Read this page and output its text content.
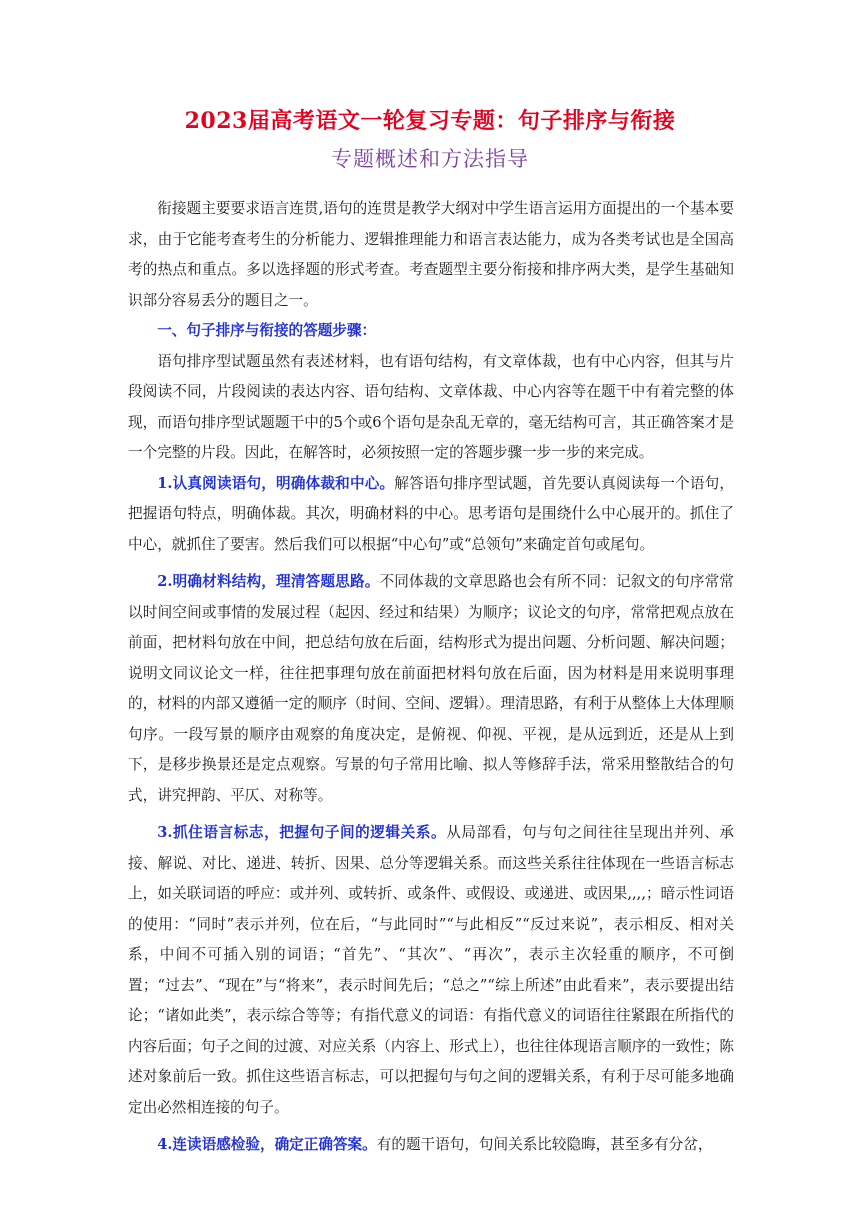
2023届高考语文一轮复习专题：句子排序与衔接
专题概述和方法指导

衔接题主要要求语言连贯,语句的连贯是教学大纲对中学生语言运用方面提出的一个基本要求，由于它能考查考生的分析能力、逻辑推理能力和语言表达能力，成为各类考试也是全国高考的热点和重点。多以选择题的形式考查。考查题型主要分衔接和排序两大类，是学生基础知识部分容易丢分的题目之一。

一、句子排序与衔接的答题步骤：

语句排序型试题虽然有表述材料，也有语句结构，有文章体裁，也有中心内容，但其与片段阅读不同，片段阅读的表达内容、语句结构、文章体裁、中心内容等在题干中有着完整的体现，而语句排序型试题题干中的5个或6个语句是杂乱无章的，毫无结构可言，其正确答案才是一个完整的片段。因此，在解答时，必须按照一定的答题步骤一步一步的来完成。

1.认真阅读语句，明确体裁和中心。解答语句排序型试题，首先要认真阅读每一个语句，把握语句特点，明确体裁。其次，明确材料的中心。思考语句是围绕什么中心展开的。抓住了中心，就抓住了要害。然后我们可以根据“中心句”或“总领句”来确定首句或尾句。

2.明确材料结构，理清答题思路。不同体裁的文章思路也会有所不同：记叙文的句序常常以时间空间或事情的发展过程（起因、经过和结果）为顺序；议论文的句序，常常把观点放在前面，把材料句放在中间，把总结句放在后面，结构形式为提出问题、分析问题、解决问题；说明文同议论文一样，往往把事理句放在前面把材料句放在后面，因为材料是用来说明事理的，材料的内部又遵循一定的顺序（时间、空间、逻辑）。理清思路，有利于从整体上大体理顺句序。一段写景的顺序由观察的角度决定，是俯视、仰视、平视，是从远到近，还是从上到下，是移步换景还是定点观察。写景的句子常用比喻、拟人等修辞手法，常采用整散结合的句式，讲究押韵、平仄、对称等。

3.抓住语言标志，把握句子间的逻辑关系。从局部看，句与句之间往往呈现出并列、承接、解说、对比、递进、转折、因果、总分等逻辑关系。而这些关系往往体现在一些语言标志上，如关联词语的呼应：或并列、或转折、或条件、或假设、或递进、或因果,,,,；暗示性词语的使用：“同时”表示并列，位在后，“与此同时”“与此相反”“反过来说”，表示相反、相对关系，中间不可插入别的词语；“首先”、“其次”、“再次”，表示主次轻重的顺序，不可倒置；“过去”、“现在”与“将来”，表示时间先后；“总之”“综上所述”由此看来”，表示要提出结论；“诸如此类”，表示综合等等；有指代意义的词语：有指代意义的词语往往紧跟在所指代的内容后面；句子之间的过渡、对应关系（内容上、形式上），也往往体现语言顺序的一致性；陈述对象前后一致。抓住这些语言标志，可以把握句与句之间的逻辑关系，有利于尽可能多地确定出必然相连接的句子。

4.连读语感检验，确定正确答案。有的题干语句，句间关系比较隐晦，甚至多有分岔，
